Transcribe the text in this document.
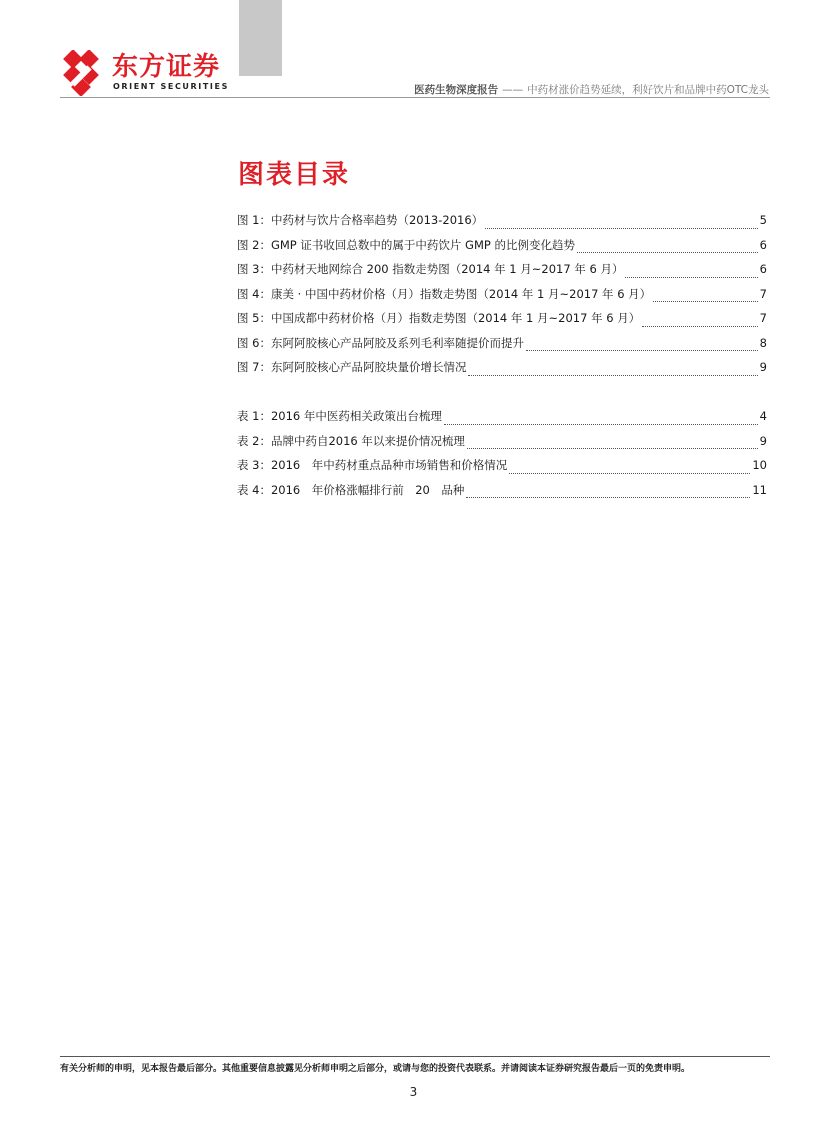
东方证券
ORIENT SECURITIES	医药生物深度报告 —— 中药材涨价趋势延续，利好饮片和品牌中药OTC龙头
图表目录
图 1：中药材与饮片合格率趋势（2013-2016）	5
图 2：GMP 证书收回总数中的属于中药饮片 GMP 的比例变化趋势	6
图 3：中药材天地网综合 200 指数走势图（2014 年 1 月~2017 年 6 月）	6
图 4：康美 · 中国中药材价格（月）指数走势图（2014 年 1 月~2017 年 6 月）	7
图 5：中国成都中药材价格（月）指数走势图（2014 年 1 月~2017 年 6 月）	7
图 6：东阿阿胶核心产品阿胶及系列毛利率随提价而提升	8
图 7：东阿阿胶核心产品阿胶块量价增长情况	9
表 1：2016 年中医药相关政策出台梳理	4
表 2：品牌中药自2016 年以来提价情况梳理	9
表 3：2016　年中药材重点品种市场销售和价格情况	10
表 4：2016　年价格涨幅排行前　20　品种	11
有关分析师的申明，见本报告最后部分。其他重要信息披露见分析师申明之后部分，或请与您的投资代表联系。并请阅读本证券研究报告最后一页的免责申明。
3
